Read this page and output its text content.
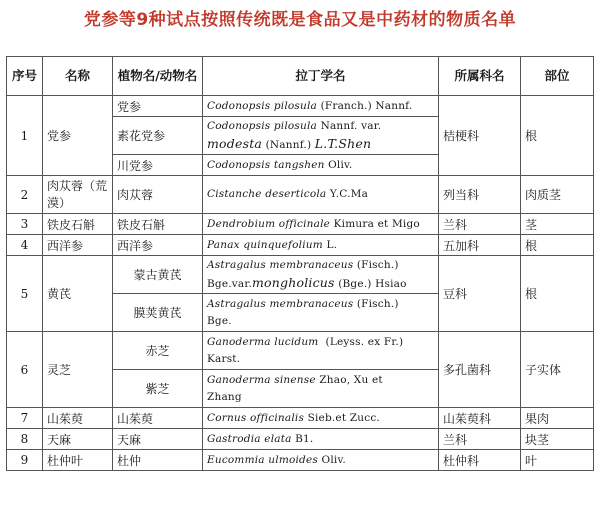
党参等9种试点按照传统既是食品又是中药材的物质名单
序号	名称	植物名/动物名	拉丁学名	所属科名	部位
1	党参	党参	Codonopsis pilosula (Franch.) Nannf.	桔梗科	根
		素花党参	Codonopsis pilosula Nannf. var.
modesta (Nannf.) L.T.Shen		
		川党参	Codonopsis tangshen Oliv.		
2	肉苁蓉（荒漠）	肉苁蓉	Cistanche deserticola Y.C.Ma	列当科	肉质茎
3	铁皮石斛	铁皮石斛	Dendrobium officinale Kimura et Migo	兰科	茎
4	西洋参	西洋参	Panax quinquefolium L.	五加科	根
5	黄芪	蒙古黄芪	Astragalus membranaceus (Fisch.)
Bge.var.mongholicus (Bge.) Hsiao	豆科	根
		膜荚黄芪	Astragalus membranaceus (Fisch.)
Bge.		
6	灵芝	赤芝	Ganoderma lucidum (Leyss. ex Fr.)
Karst.	多孔菌科	子实体
		紫芝	Ganoderma sinense Zhao, Xu et
Zhang		
7	山茱萸	山茱萸	Cornus officinalis Sieb.et Zucc.	山茱萸科	果肉
8	天麻	天麻	Gastrodia elata B1.	兰科	块茎
9	杜仲叶	杜仲	Eucommia ulmoides Oliv.	杜仲科	叶
